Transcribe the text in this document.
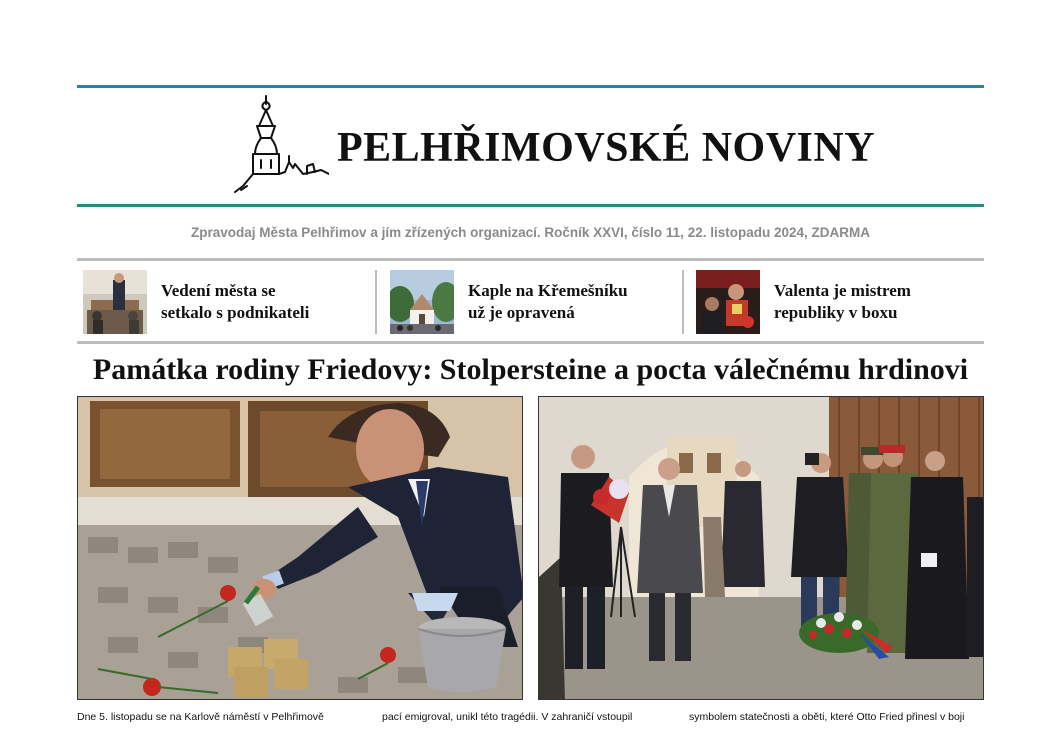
PELHŘIMOVSKÉ NOVINY
Zpravodaj Města Pelhřimov a jím zřízených organizací. Ročník XXVI, číslo 11, 22. listopadu 2024, ZDARMA
Vedení města se
setkalo s podnikateli
Kaple na Křemešníku
už je opravená
Valenta je mistrem
republiky v boxu
Památka rodiny Friedovy: Stolpersteine a pocta válečnému hrdinovi
Dne 5. listopadu se na Karlově náměstí v Pelhřimově	pací emigroval, unikl této tragédii. V zahraničí vstoupil	symbolem statečnosti a oběti, které Otto Fried přinesl v boji
